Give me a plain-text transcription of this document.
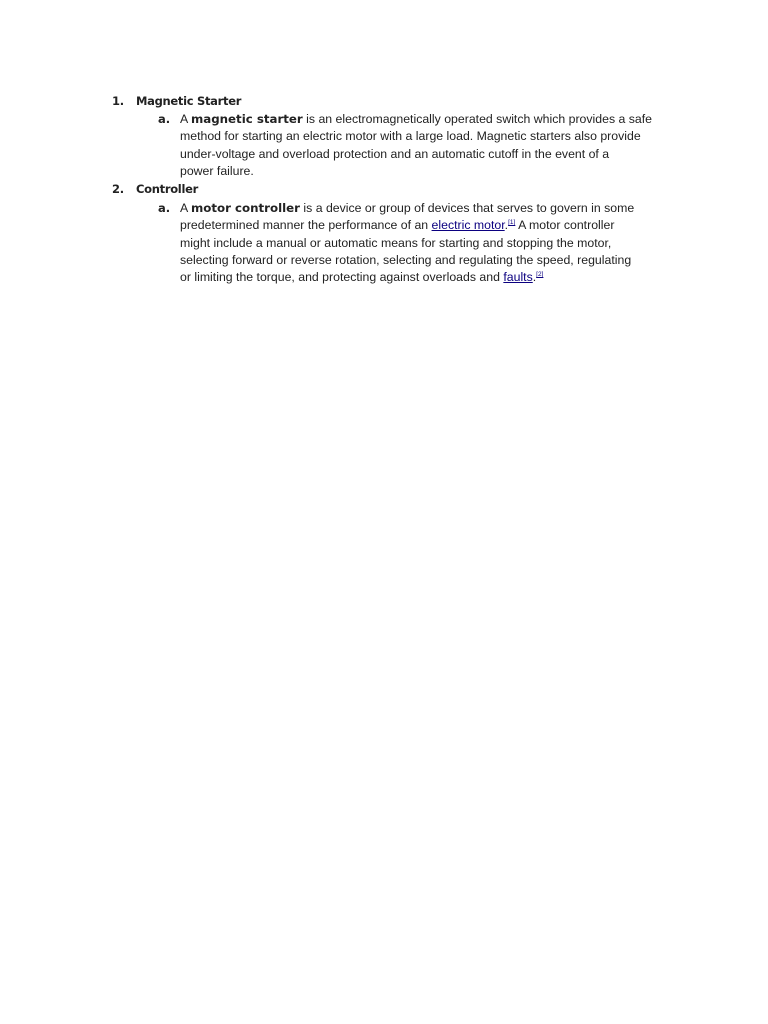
1. Magnetic Starter
a. A magnetic starter is an electromagnetically operated switch which provides a safe
method for starting an electric motor with a large load. Magnetic starters also provide
under-voltage and overload protection and an automatic cutoff in the event of a
power failure.
2. Controller
a. A motor controller is a device or group of devices that serves to govern in some
predetermined manner the performance of an electric motor.[1] A motor controller
might include a manual or automatic means for starting and stopping the motor,
selecting forward or reverse rotation, selecting and regulating the speed, regulating
or limiting the torque, and protecting against overloads and faults.[2]
